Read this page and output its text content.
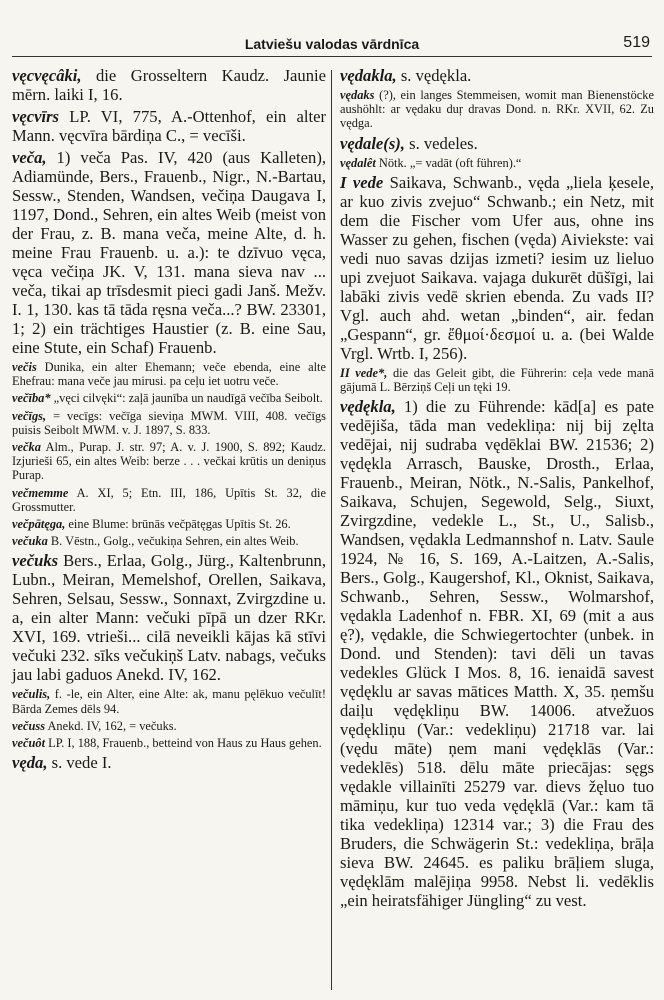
Latviešu valodas vārdnīca	519
vęcvęcâki, die Grosseltern Kaudz. Jaunie mērn. laiki I, 16.
vęcvīrs LP. VI, 775, A.-Ottenhof, ein alter Mann. vęcvīra bārdiņa C., = vecīši.
veča, 1) veča Pas. IV, 420 (aus Kalleten), Adiamünde, Bers., Frauenb., Nigr., N.-Bartau, Sessw., Stenden, Wandsen, večiņa Daugava I, 1197, Dond., Sehren, ein altes Weib (meist von der Frau, z. B. mana veča, meine Alte, d. h. meine Frau Frauenb. u. a.): te dzīvuo vęca, vęca večiņa JK. V, 131. mana sieva nav ... veča, tikai ap trīsdesmit pieci gadi Janš. Mežv. I. 1, 130. kas tā tāda ręsna veča...? BW. 23301, 1; 2) ein trächtiges Haustier (z. B. eine Sau, eine Stute, ein Schaf) Frauenb.
večis Dunika, ein alter Ehemann; veče ebenda, eine alte Ehefrau: mana veče jau mirusi. pa ceļu iet uotru veče.
večība* „vęci cilvęki“: zaļā jaunība un naudīgā večība Seibolt.
večīgs, = vecīgs: večīga sieviņa MWM. VIII, 408. večīgs puisis Seibolt MWM. v. J. 1897, S. 833.
večka Alm., Purap. J. str. 97; A. v. J. 1900, S. 892; Kaudz. Izjurieši 65, ein altes Weib: berze . . . večkai krūtis un deniņus Purap.
večmemme A. XI, 5; Etn. III, 186, Upītis St. 32, die Grossmutter.
večpātęga, eine Blume: brūnās večpātęgas Upītis St. 26.
večuka B. Vēstn., Golg., večukiņa Sehren, ein altes Weib.
večuks Bers., Erlaa, Golg., Jürg., Kaltenbrunn, Lubn., Meiran, Memelshof, Orellen, Saikava, Sehren, Selsau, Sessw., Sonnaxt, Zvirgzdine u. a, ein alter Mann: večuki pīpā un dzer RKr. XVI, 169. vtrieši... cilā neveikli kājas kā stīvi večuki 232. sīks večukiņš Latv. nabags, večuks jau labi gaduos Anekd. IV, 162.
večulis, f. -le, ein Alter, eine Alte: ak, manu pęlēkuo večulīt! Bārda Zemes dēls 94.
večuss Anekd. IV, 162, = večuks.
večuôt LP. I, 188, Frauenb., betteind von Haus zu Haus gehen.
vęda, s. vede I.
vędakla, s. vędękla.
vędaks (?), ein langes Stemmeisen, womit man Bienenstöcke aushöhlt: ar vędaku duŗ dravas Dond. n. RKr. XVII, 62. Zu vędga.
vędale(s), s. vedeles.
vędalêt Nötk. „= vadāt (oft führen).“
I vede Saikava, Schwanb., vęda „liela ķesele, ar kuo zivis zvejuo“ Schwanb.; ein Netz, mit dem die Fischer vom Ufer aus, ohne ins Wasser zu gehen, fischen (vęda) Aiviekste: vai vedi nuo savas dzijas izmeti? iesim uz lieluo upi zvejuot Saikava. vajaga dukurēt dūšīgi, lai labāki zivis vedē skrien ebenda. Zu vads II? Vgl. auch ahd. wetan „binden“, air. fedan „Gespann“, gr. ἔθμοί·δεσμοί u. a. (bei Walde Vrgl. Wrtb. I, 256).
II vede*, die das Geleit gibt, die Führerin: ceļa vede manā gājumā L. Bērziņš Ceļi un tęki 19.
vędękla, 1) die zu Führende: kād[a] es pate vedējiša, tāda man vedekliņa: nij bij zęlta vedējai, nij sudraba vędēklai BW. 21536; 2) vędękla Arrasch, Bauske, Drosth., Erlaa, Frauenb., Meiran, Nötk., N.-Salis, Pankelhof, Saikava, Schujen, Segewold, Selg., Siuxt, Zvirgzdine, vedekle L., St., U., Salisb., Wandsen, vędakla Ledmannshof n. Latv. Saule 1924, № 16, S. 169, A.-Laitzen, A.-Salis, Bers., Golg., Kaugershof, Kl., Oknist, Saikava, Schwanb., Sehren, Sessw., Wolmarshof, vędakla Ladenhof n. FBR. XI, 69 (mit a aus ę?), vędakle, die Schwiegertochter (unbek. in Dond. und Stenden): tavi dēli un tavas vedekles Glück I Mos. 8, 16. ienaidā savest vędęklu ar savas mātices Matth. X, 35. ņemšu daiļu vędękliņu BW. 14006. atvežuos vędękliņu (Var.: vedekliņu) 21718 var. lai (vędu māte) ņem mani vędęklās (Var.: vedeklēs) 518. dēlu māte priecājas: sęgs vędakle villainīti 25279 var. dievs žęluo tuo māmiņu, kur tuo veda vędęklā (Var.: kam tā tika vedekliņa) 12314 var.; 3) die Frau des Bruders, die Schwägerin St.: vedekliņa, brāļa sieva BW. 24645. es paliku brāļiem sluga, vędęklām malējiņa 9958. Nebst li. vedēklis „ein heiratsfähiger Jüngling“ zu vest.
